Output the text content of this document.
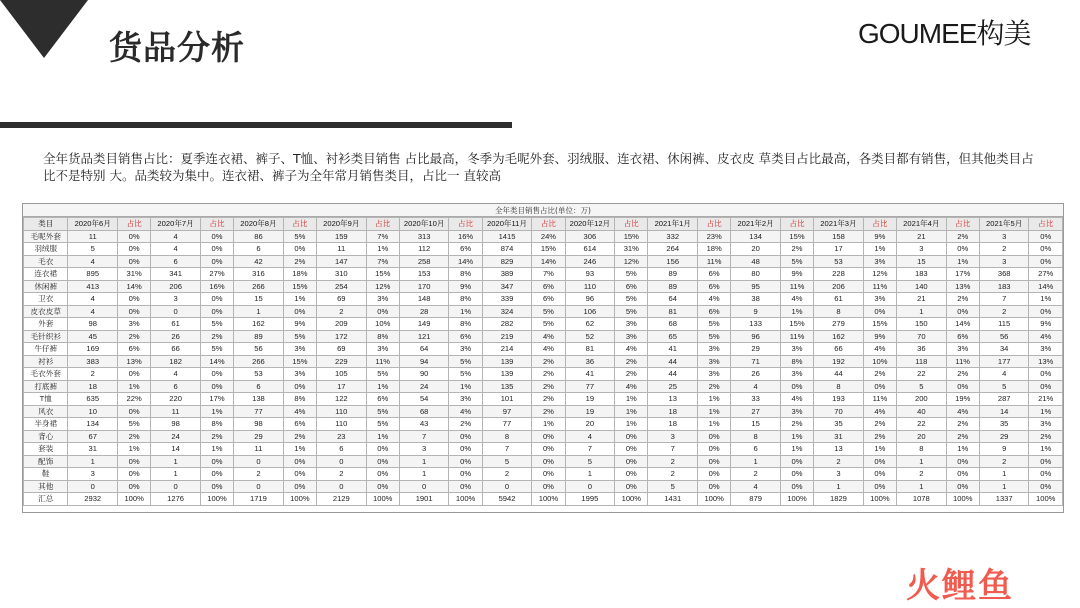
货品分析	GOUMEE构美
全年货品类目销售占比：夏季连衣裙、裤子、T恤、衬衫类目销售 占比最高，冬季为毛呢外套、羽绒服、连衣裙、休闲裤、皮衣皮 草类目占比最高，各类目都有销售，但其他类目占比不是特别 大。品类较为集中。连衣裙、裤子为全年常月销售类目，占比一 直较高
全年类目销售占比(单位：万)
类目	2020年6月	占比	2020年7月	占比	2020年8月	占比	2020年9月	占比	2020年10月	占比	2020年11月	占比	2020年12月	占比	2021年1月	占比	2021年2月	占比	2021年3月	占比	2021年4月	占比	2021年5月	占比
毛呢外套	11	0%	4	0%	86	5%	159	7%	313	16%	1415	24%	306	15%	332	23%	134	15%	158	9%	21	2%	3	0%
羽绒服	5	0%	4	0%	6	0%	11	1%	112	6%	874	15%	614	31%	264	18%	20	2%	17	1%	3	0%	2	0%
毛衣	4	0%	6	0%	42	2%	147	7%	258	14%	829	14%	246	12%	156	11%	48	5%	53	3%	15	1%	3	0%
连衣裙	895	31%	341	27%	316	18%	310	15%	153	8%	389	7%	93	5%	89	6%	80	9%	228	12%	183	17%	368	27%
休闲裤	413	14%	206	16%	266	15%	254	12%	170	9%	347	6%	110	6%	89	6%	95	11%	206	11%	140	13%	183	14%
卫衣	4	0%	3	0%	15	1%	69	3%	148	8%	339	6%	96	5%	64	4%	38	4%	61	3%	21	2%	7	1%
皮衣皮草	4	0%	0	0%	1	0%	2	0%	28	1%	324	5%	106	5%	81	6%	9	1%	8	0%	1	0%	2	0%
外套	98	3%	61	5%	162	9%	209	10%	149	8%	282	5%	62	3%	68	5%	133	15%	279	15%	150	14%	115	9%
毛针织衫	45	2%	26	2%	89	5%	172	8%	121	6%	219	4%	52	3%	65	5%	96	11%	162	9%	70	6%	56	4%
牛仔裤	169	6%	66	5%	56	3%	69	3%	64	3%	214	4%	81	4%	41	3%	29	3%	66	4%	36	3%	34	3%
衬衫	383	13%	182	14%	266	15%	229	11%	94	5%	139	2%	36	2%	44	3%	71	8%	192	10%	118	11%	177	13%
毛衣外套	2	0%	4	0%	53	3%	105	5%	90	5%	139	2%	41	2%	44	3%	26	3%	44	2%	22	2%	4	0%
打底裤	18	1%	6	0%	6	0%	17	1%	24	1%	135	2%	77	4%	25	2%	4	0%	8	0%	5	0%	5	0%
T恤	635	22%	220	17%	138	8%	122	6%	54	3%	101	2%	19	1%	13	1%	33	4%	193	11%	200	19%	287	21%
风衣	10	0%	11	1%	77	4%	110	5%	68	4%	97	2%	19	1%	18	1%	27	3%	70	4%	40	4%	14	1%
半身裙	134	5%	98	8%	98	6%	110	5%	43	2%	77	1%	20	1%	18	1%	15	2%	35	2%	22	2%	35	3%
背心	67	2%	24	2%	29	2%	23	1%	7	0%	8	0%	4	0%	3	0%	8	1%	31	2%	20	2%	29	2%
套装	31	1%	14	1%	11	1%	6	0%	3	0%	7	0%	7	0%	7	0%	6	1%	13	1%	8	1%	9	1%
配饰	1	0%	1	0%	0	0%	0	0%	1	0%	5	0%	5	0%	2	0%	1	0%	2	0%	1	0%	2	0%
鞋	3	0%	1	0%	2	0%	2	0%	1	0%	2	0%	1	0%	2	0%	2	0%	3	0%	2	0%	1	0%
其他	0	0%	0	0%	0	0%	0	0%	0	0%	0	0%	0	0%	5	0%	4	0%	1	0%	1	0%	1	0%
汇总	2932	100%	1276	100%	1719	100%	2129	100%	1901	100%	5942	100%	1995	100%	1431	100%	879	100%	1829	100%	1078	100%	1337	100%
火鲤鱼
